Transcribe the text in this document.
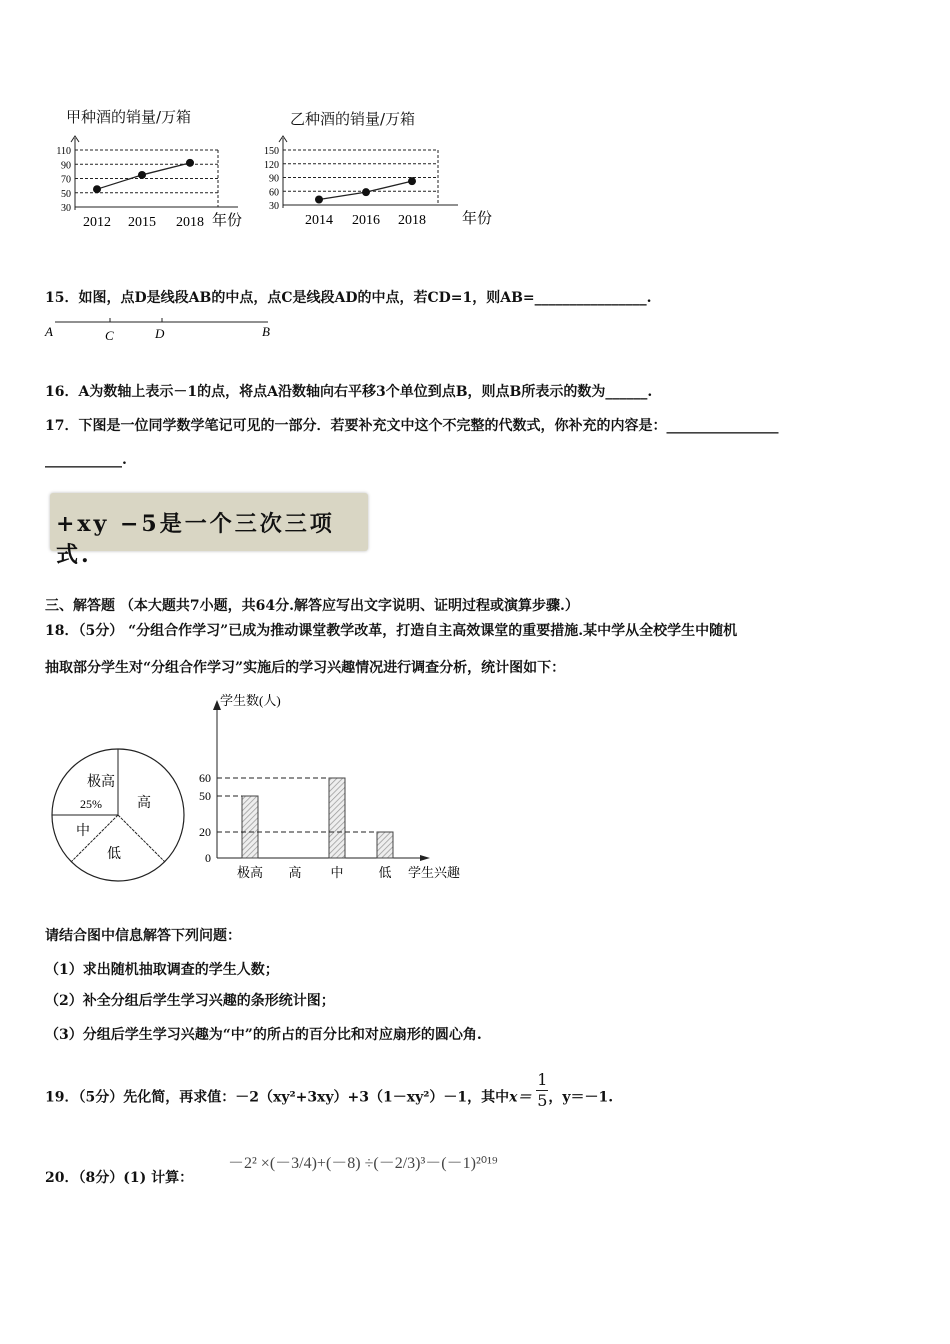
甲种酒的销量/万箱	乙种酒的销量/万箱
30
50
70
90
110
2012 2015 2018 年份
30
60
90
120
150
2014 2016 2018 年份
15．如图，点D是线段AB的中点，点C是线段AD的中点，若CD=1，则AB=________________.
A	C	D	B
16．A为数轴上表示－1的点，将点A沿数轴向右平移3个单位到点B，则点B所表示的数为______.
17．下图是一位同学数学笔记可见的一部分．若要补充文中这个不完整的代数式，你补充的内容是：________________
___________.
+xy −5是一个三次三项式.
三、解答题 （本大题共7小题，共64分.解答应写出文字说明、证明过程或演算步骤.）
18．（5分） “分组合作学习”已成为推动课堂教学改革，打造自主高效课堂的重要措施.某中学从全校学生中随机
抽取部分学生对“分组合作学习”实施后的学习兴趣情况进行调查分析，统计图如下：
极高
高
中
低
25%
学生数(人)
学生兴趣
0
20
50
60
极高 高 中	低
请结合图中信息解答下列问题：
（1）求出随机抽取调查的学生人数；
（2）补全分组后学生学习兴趣的条形统计图；
（3）分组后学生学习兴趣为“中”的所占的百分比和对应扇形的圆心角.
19．（5分）先化简，再求值：－2（xy²+3xy）+3（1－xy²）－1，其中$x= \frac{1}{5}$ ，y＝－1.
20．（8分）(1) 计算：
－2² ×(－3/4)+(－8) ÷(－2/3)³－(－1)²⁰¹⁹
